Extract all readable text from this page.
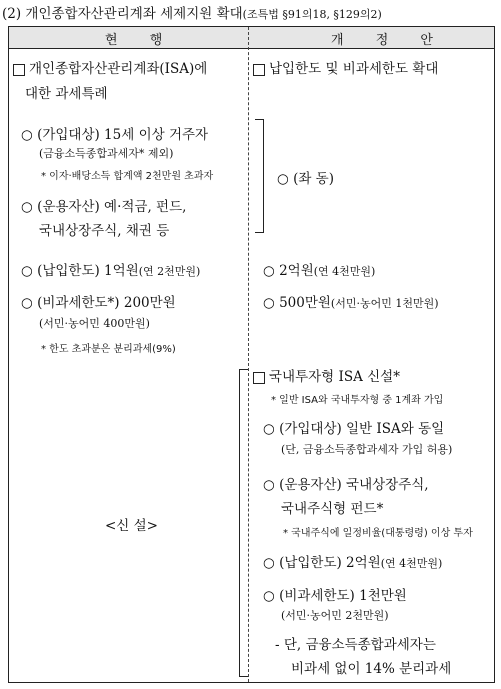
(2) 개인종합자산관리계좌 세제지원 확대(조특법 §91의18, §129의2)
현 행	개 정 안
개인종합자산관리계좌(ISA)에
대한 과세특례
○ (가입대상) 15세 이상 거주자
(금융소득종합과세자* 제외)
* 이자·배당소득 합계액 2천만원 초과자
○ (운용자산) 예·적금, 펀드,
국내상장주식, 채권 등
○ (납입한도) 1억원(연 2천만원)
○ (비과세한도*) 200만원
(서민·농어민 400만원)
* 한도 초과분은 분리과세(9%)
<신 설>
납입한도 및 비과세한도 확대
○ (좌 동)
○ 2억원(연 4천만원)
○ 500만원(서민·농어민 1천만원)
국내투자형 ISA 신설*
* 일반 ISA와 국내투자형 중 1계좌 가입
○ (가입대상) 일반 ISA와 동일
(단, 금융소득종합과세자 가입 허용)
○ (운용자산) 국내상장주식,
국내주식형 펀드*
* 국내주식에 일정비율(대통령령) 이상 투자
○ (납입한도) 2억원(연 4천만원)
○ (비과세한도) 1천만원
(서민·농어민 2천만원)
- 단, 금융소득종합과세자는
비과세 없이 14% 분리과세
